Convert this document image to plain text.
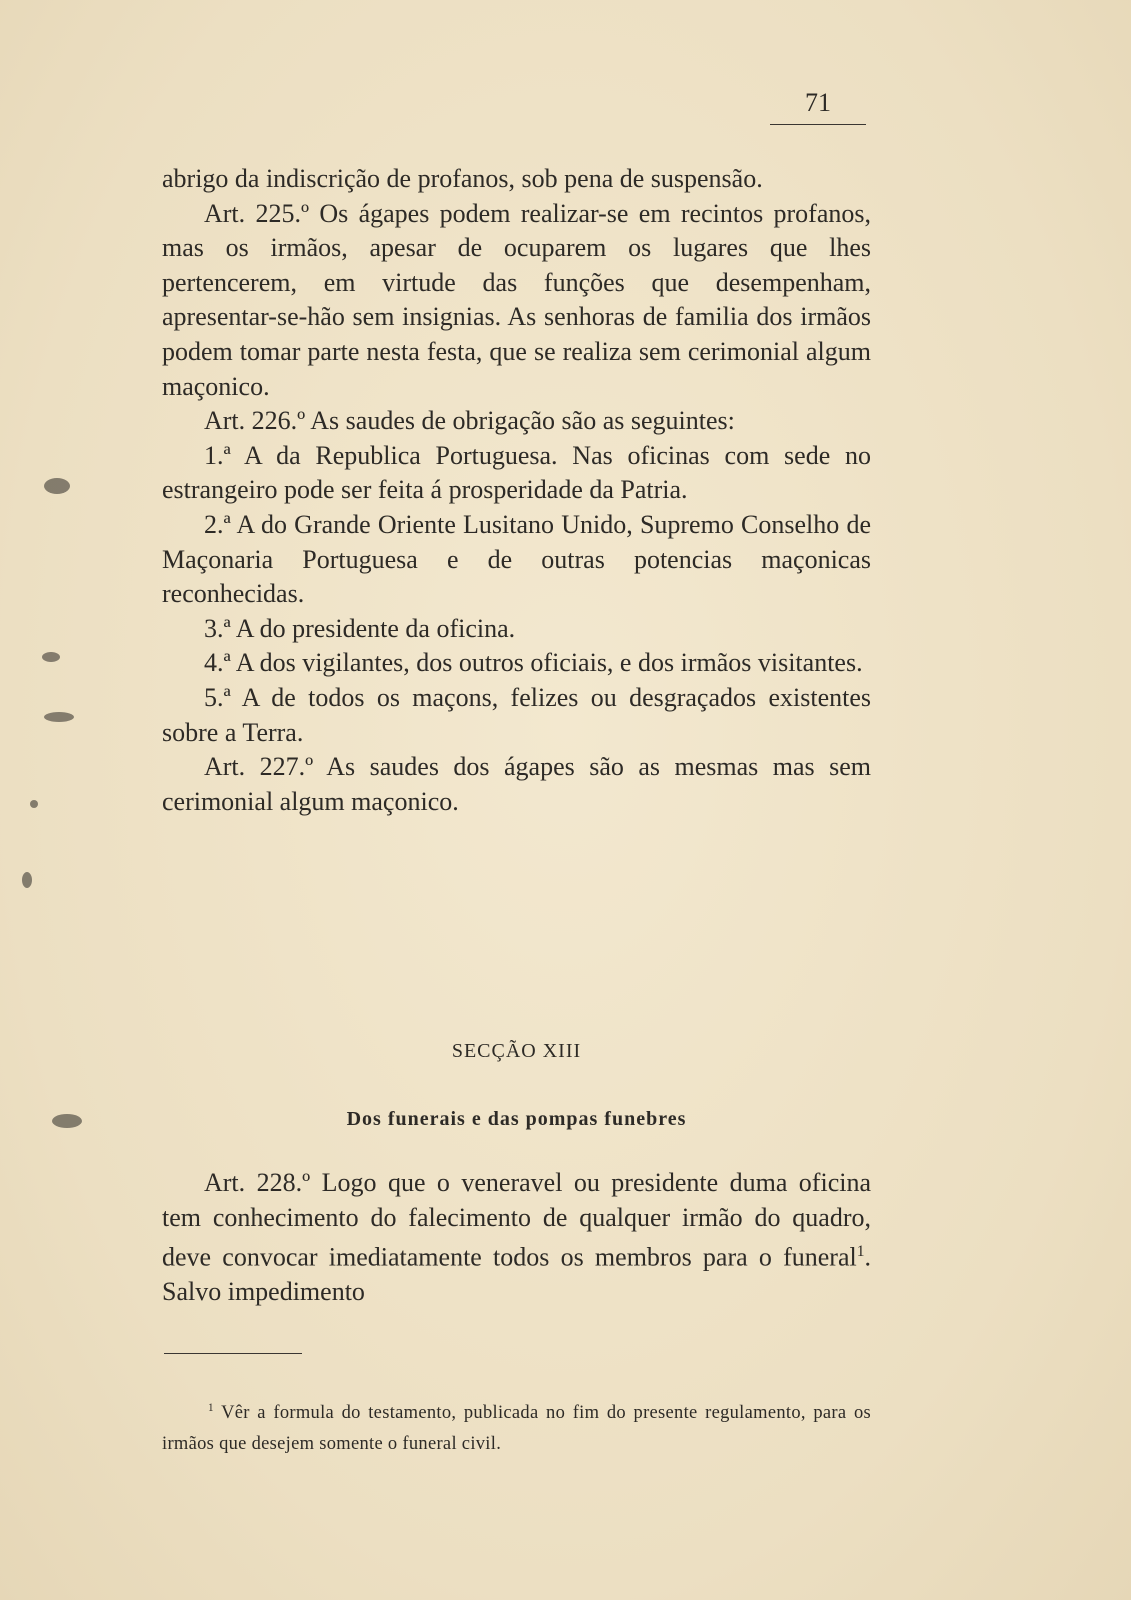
71

abrigo da indiscrição de profanos, sob pena de suspensão.

Art. 225.º Os ágapes podem realizar-se em recintos profanos, mas os irmãos, apesar de ocuparem os lugares que lhes pertencerem, em virtude das funções que desempenham, apresentar-se-hão sem insignias. As senhoras de familia dos irmãos podem tomar parte nesta festa, que se realiza sem cerimonial algum maçonico.

Art. 226.º As saudes de obrigação são as seguintes:

1.ª A da Republica Portuguesa. Nas oficinas com sede no estrangeiro pode ser feita á prosperidade da Patria.

2.ª A do Grande Oriente Lusitano Unido, Supremo Conselho de Maçonaria Portuguesa e de outras potencias maçonicas reconhecidas.

3.ª A do presidente da oficina.

4.ª A dos vigilantes, dos outros oficiais, e dos irmãos visitantes.

5.ª A de todos os maçons, felizes ou desgraçados existentes sobre a Terra.

Art. 227.º As saudes dos ágapes são as mesmas mas sem cerimonial algum maçonico.

SECÇÃO XIII
Dos funerais e das pompas funebres

Art. 228.º Logo que o veneravel ou presidente duma oficina tem conhecimento do falecimento de qualquer irmão do quadro, deve convocar imediatamente todos os membros para o funeral$^1$. Salvo impedimento

$^1$ Vêr a formula do testamento, publicada no fim do presente regulamento, para os irmãos que desejem somente o funeral civil.
